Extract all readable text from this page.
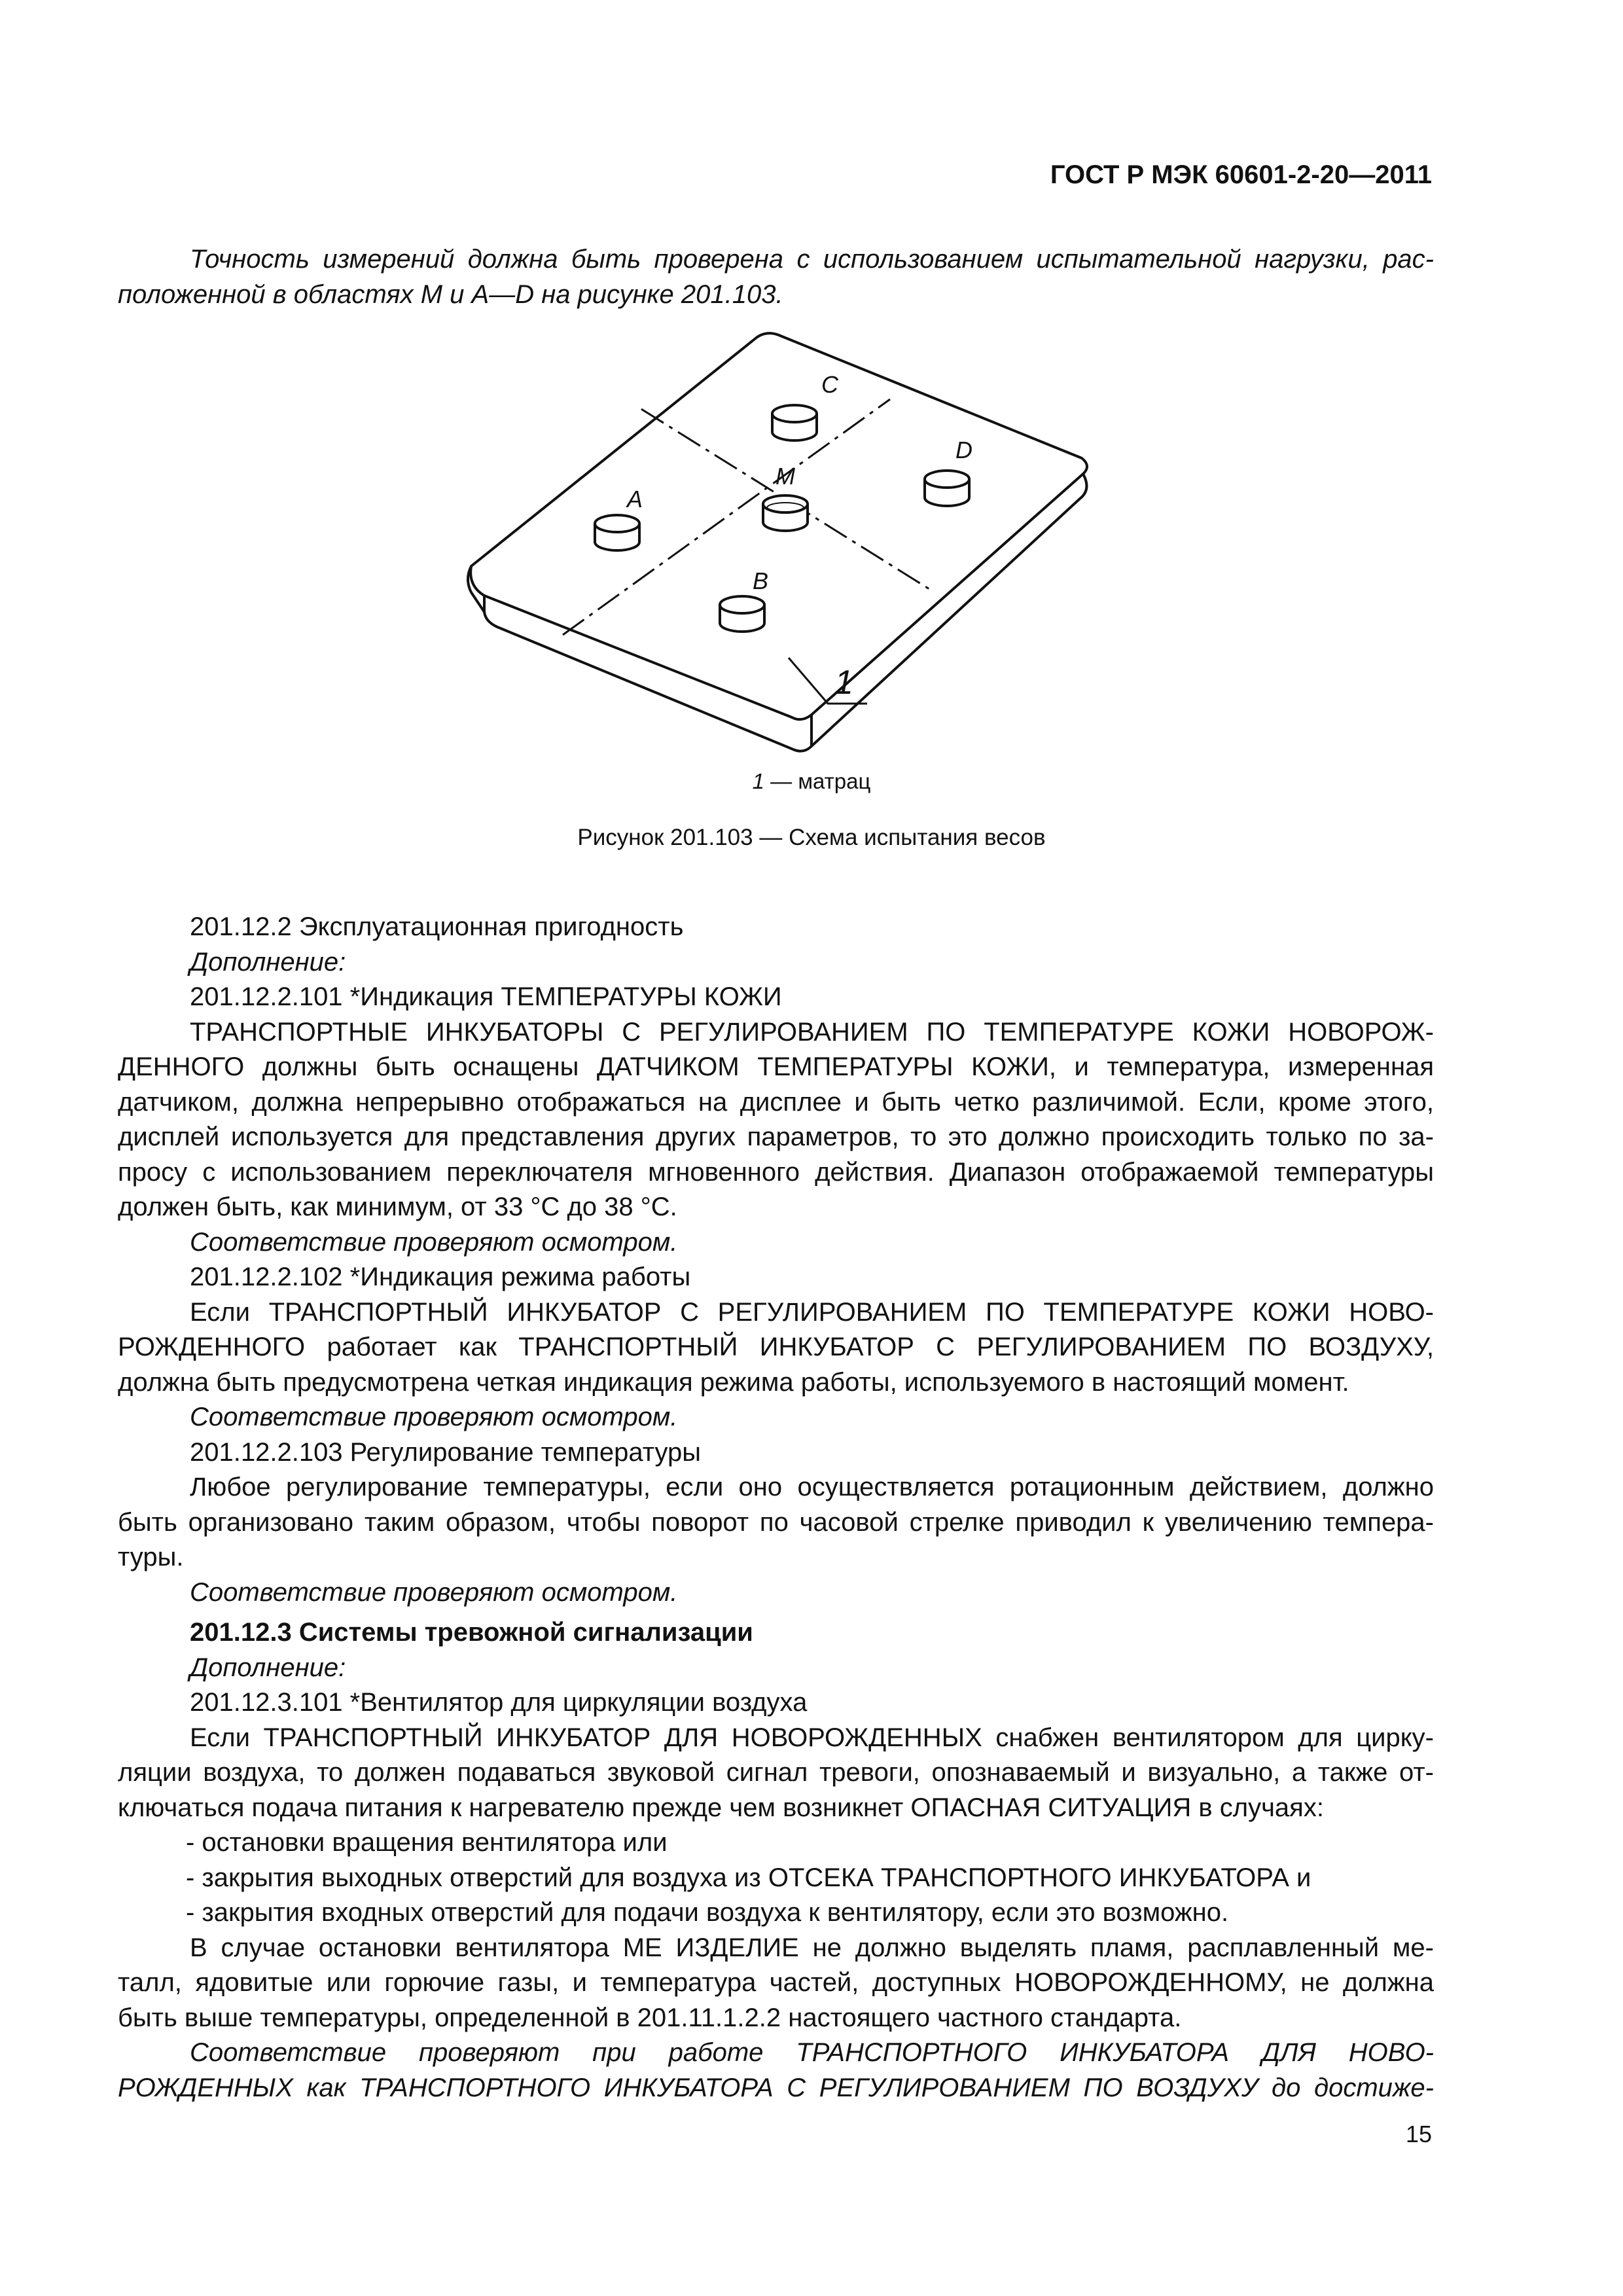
ГОСТ Р МЭК 60601-2-20—2011

Точность измерений должна быть проверена с использованием испытательной нагрузки, рас-
положенной в областях M и A—D на рисунке 201.103.

C
D
M
A
B
1
1 — матрац
Рисунок 201.103 — Схема испытания весов

201.12.2 Эксплуатационная пригодность

Дополнение:

201.12.2.101 *Индикация ТЕМПЕРАТУРЫ КОЖИ

ТРАНСПОРТНЫЕ ИНКУБАТОРЫ С РЕГУЛИРОВАНИЕМ ПО ТЕМПЕРАТУРЕ КОЖИ НОВОРОЖ-
ДЕННОГО должны быть оснащены ДАТЧИКОМ ТЕМПЕРАТУРЫ КОЖИ, и температура, измеренная
датчиком, должна непрерывно отображаться на дисплее и быть четко различимой. Если, кроме этого,
дисплей используется для представления других параметров, то это должно происходить только по за-
просу с использованием переключателя мгновенного действия. Диапазон отображаемой температуры
должен быть, как минимум, от 33 °С до 38 °С.

Соответствие проверяют осмотром.

201.12.2.102 *Индикация режима работы

Если ТРАНСПОРТНЫЙ ИНКУБАТОР С РЕГУЛИРОВАНИЕМ ПО ТЕМПЕРАТУРЕ КОЖИ НОВО-
РОЖДЕННОГО работает как ТРАНСПОРТНЫЙ ИНКУБАТОР С РЕГУЛИРОВАНИЕМ ПО ВОЗДУХУ,
должна быть предусмотрена четкая индикация режима работы, используемого в настоящий момент.

Соответствие проверяют осмотром.

201.12.2.103 Регулирование температуры

Любое регулирование температуры, если оно осуществляется ротационным действием, должно
быть организовано таким образом, чтобы поворот по часовой стрелке приводил к увеличению темпера-
туры.

Соответствие проверяют осмотром.

201.12.3 Системы тревожной сигнализации

Дополнение:

201.12.3.101 *Вентилятор для циркуляции воздуха

Если ТРАНСПОРТНЫЙ ИНКУБАТОР ДЛЯ НОВОРОЖДЕННЫХ снабжен вентилятором для цирку-
ляции воздуха, то должен подаваться звуковой сигнал тревоги, опознаваемый и визуально, а также от-
ключаться подача питания к нагревателю прежде чем возникнет ОПАСНАЯ СИТУАЦИЯ в случаях:

- остановки вращения вентилятора или

- закрытия выходных отверстий для воздуха из ОТСЕКА ТРАНСПОРТНОГО ИНКУБАТОРА и

- закрытия входных отверстий для подачи воздуха к вентилятору, если это возможно.

В случае остановки вентилятора МЕ ИЗДЕЛИЕ не должно выделять пламя, расплавленный ме-
талл, ядовитые или горючие газы, и температура частей, доступных НОВОРОЖДЕННОМУ, не должна
быть выше температуры, определенной в 201.11.1.2.2 настоящего частного стандарта.

Соответствие проверяют при работе ТРАНСПОРТНОГО ИНКУБАТОРА ДЛЯ НОВО-
РОЖДЕННЫХ как ТРАНСПОРТНОГО ИНКУБАТОРА С РЕГУЛИРОВАНИЕМ ПО ВОЗДУХУ до достиже-

15
